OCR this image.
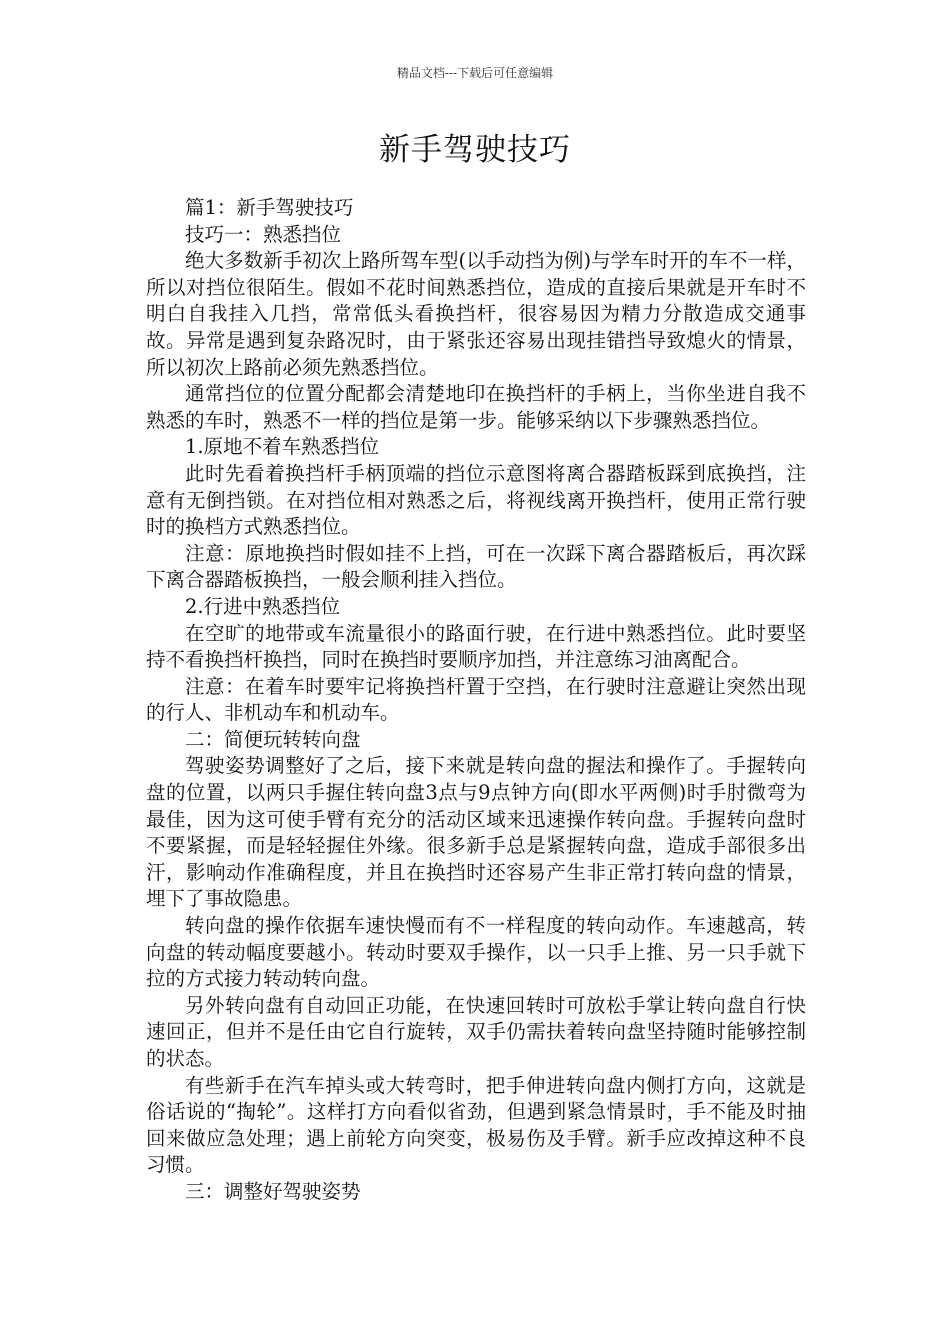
精品文档---下载后可任意编辑
新手驾驶技巧

篇1：新手驾驶技巧

技巧一：熟悉挡位

绝大多数新手初次上路所驾车型(以手动挡为例)与学车时开的车不一样，所以对挡位很陌生。假如不花时间熟悉挡位，造成的直接后果就是开车时不明白自我挂入几挡，常常低头看换挡杆，很容易因为精力分散造成交通事故。异常是遇到复杂路况时，由于紧张还容易出现挂错挡导致熄火的情景，所以初次上路前必须先熟悉挡位。

通常挡位的位置分配都会清楚地印在换挡杆的手柄上，当你坐进自我不熟悉的车时，熟悉不一样的挡位是第一步。能够采纳以下步骤熟悉挡位。

1.原地不着车熟悉挡位

此时先看着换挡杆手柄顶端的挡位示意图将离合器踏板踩到底换挡，注意有无倒挡锁。在对挡位相对熟悉之后，将视线离开换挡杆，使用正常行驶时的换档方式熟悉挡位。

注意：原地换挡时假如挂不上挡，可在一次踩下离合器踏板后，再次踩下离合器踏板换挡，一般会顺利挂入挡位。

2.行进中熟悉挡位

在空旷的地带或车流量很小的路面行驶，在行进中熟悉挡位。此时要坚持不看换挡杆换挡，同时在换挡时要顺序加挡，并注意练习油离配合。

注意：在着车时要牢记将换挡杆置于空挡，在行驶时注意避让突然出现的行人、非机动车和机动车。

二：简便玩转转向盘

驾驶姿势调整好了之后，接下来就是转向盘的握法和操作了。手握转向盘的位置，以两只手握住转向盘3点与9点钟方向(即水平两侧)时手肘微弯为最佳，因为这可使手臂有充分的活动区域来迅速操作转向盘。手握转向盘时不要紧握，而是轻轻握住外缘。很多新手总是紧握转向盘，造成手部很多出汗，影响动作准确程度，并且在换挡时还容易产生非正常打转向盘的情景，埋下了事故隐患。

转向盘的操作依据车速快慢而有不一样程度的转向动作。车速越高，转向盘的转动幅度要越小。转动时要双手操作，以一只手上推、另一只手就下拉的方式接力转动转向盘。

另外转向盘有自动回正功能，在快速回转时可放松手掌让转向盘自行快速回正，但并不是任由它自行旋转，双手仍需扶着转向盘坚持随时能够控制的状态。

有些新手在汽车掉头或大转弯时，把手伸进转向盘内侧打方向，这就是俗话说的“掏轮”。这样打方向看似省劲，但遇到紧急情景时，手不能及时抽回来做应急处理；遇上前轮方向突变，极易伤及手臂。新手应改掉这种不良习惯。

三：调整好驾驶姿势
